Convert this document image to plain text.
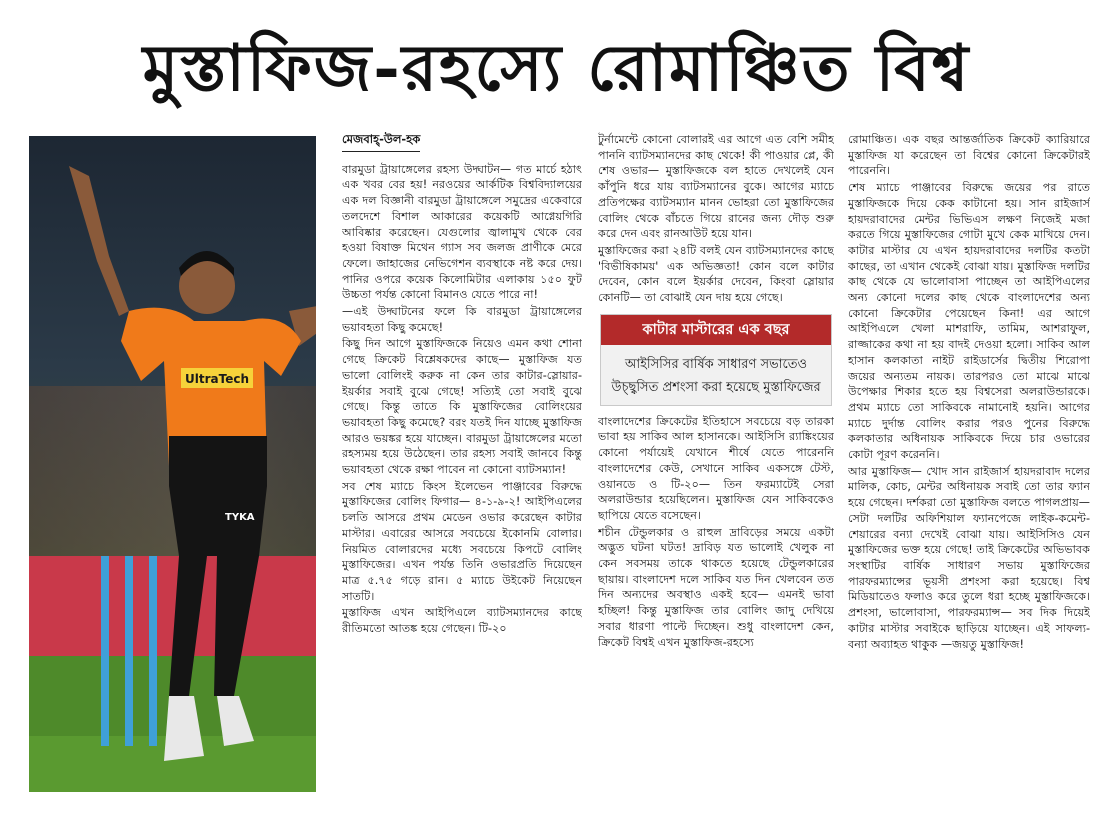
মুস্তাফিজ-রহস্যে রোমাঞ্চিত বিশ্ব
UltraTech
TYKA
মেজবাহ্-উল-হক

বারমুডা ট্রায়াঙ্গেলের রহস্য উদ্ঘাটন— গত মার্চে হঠাৎ এক খবর বের হয়! নরওয়ের আর্কটিক বিশ্ববিদ্যালয়ের এক দল বিজ্ঞানী বারমুডা ট্রায়াঙ্গেলে সমুদ্রের একেবারে তলদেশে বিশাল আকারের কয়েকটি আগ্নেয়গিরি আবিষ্কার করেছেন। যেগুলোর জ্বালামুখ থেকে বের হওয়া বিষাক্ত মিথেন গ্যাস সব জলজ প্রাণীকে মেরে ফেলে। জাহাজের নেভিগেশন ব্যবস্থাকে নষ্ট করে দেয়। পানির ওপরে কয়েক কিলোমিটার এলাকায় ১৫০ ফুট উচ্চতা পর্যন্ত কোনো বিমানও যেতে পারে না!

—এই উদ্ঘাটনের ফলে কি বারমুডা ট্রায়াঙ্গেলের ভয়াবহতা কিছু কমেছে!

কিছু দিন আগে মুস্তাফিজকে নিয়েও এমন কথা শোনা গেছে ক্রিকেট বিশ্লেষকদের কাছে— মুস্তাফিজ যত ভালো বোলিংই করুক না কেন তার কাটার-স্লোয়ার-ইয়র্কার সবাই বুঝে গেছে! সত্যিই তো সবাই বুঝে গেছে। কিন্তু তাতে কি মুস্তাফিজের বোলিংয়ের ভয়াবহতা কিছু কমেছে? বরং যতই দিন যাচ্ছে মুস্তাফিজ আরও ভয়ঙ্কর হয়ে যাচ্ছেন। বারমুডা ট্রায়াঙ্গেলের মতো রহস্যময় হয়ে উঠেছেন। তার রহস্য সবাই জানবে কিন্তু ভয়াবহতা থেকে রক্ষা পাবেন না কোনো ব্যাটসম্যান!

সব শেষ ম্যাচে কিংস ইলেভেন পাঞ্জাবের বিরুদ্ধে মুস্তাফিজের বোলিং ফিগার— ৪-১-৯-২! আইপিএলের চলতি আসরে প্রথম মেডেন ওভার করেছেন কাটার মাস্টার। এবারের আসরে সবচেয়ে ইকোনমি বোলার। নিয়মিত বোলারদের মধ্যে সবচেয়ে কিপটে বোলিং মুস্তাফিজের। এখন পর্যন্ত তিনি ওভারপ্রতি দিয়েছেন মাত্র ৫.৭৫ গড়ে রান। ৫ ম্যাচে উইকেট নিয়েছেন সাতটি।

মুস্তাফিজ এখন আইপিএলে ব্যাটসম্যানদের কাছে রীতিমতো আতঙ্ক হয়ে গেছেন। টি-২০

টুর্নামেন্টে কোনো বোলারই এর আগে এত বেশি সমীহ পাননি ব্যাটসম্যানদের কাছ থেকে! কী পাওয়ার প্লে, কী শেষ ওভার— মুস্তাফিজকে বল হাতে দেখলেই যেন কাঁপুনি ধরে যায় ব্যাটসম্যানের বুকে। আগের ম্যাচে প্রতিপক্ষের ব্যাটসম্যান মানন ভোহরা তো মুস্তাফিজের বোলিং থেকে বাঁচতে গিয়ে রানের জন্য দৌড় শুরু করে দেন এবং রানআউট হয়ে যান।

মুস্তাফিজের করা ২৪টি বলই যেন ব্যাটসম্যানদের কাছে 'বিভীষিকাময়' এক অভিজ্ঞতা! কোন বলে কাটার দেবেন, কোন বলে ইয়র্কার দেবেন, কিংবা স্লোয়ার কোনটি— তা বোঝাই যেন দায় হয়ে গেছে।

কাটার মাস্টারের এক বছর
আইসিসির বার্ষিক সাধারণ সভাতেও উচ্ছ্বসিত প্রশংসা করা হয়েছে মুস্তাফিজের

বাংলাদেশের ক্রিকেটের ইতিহাসে সবচেয়ে বড় তারকা ভাবা হয় সাকিব আল হাসানকে। আইসিসি র‍্যাঙ্কিংয়ের কোনো পর্যায়েই যেখানে শীর্ষে যেতে পারেননি বাংলাদেশের কেউ, সেখানে সাকিব একসঙ্গে টেস্ট, ওয়ানডে ও টি-২০— তিন ফরম্যাটেই সেরা অলরাউন্ডার হয়েছিলেন। মুস্তাফিজ যেন সাকিবকেও ছাপিয়ে যেতে বসেছেন।

শচীন টেন্ডুলকার ও রাহুল দ্রাবিড়ের সময়ে একটা অদ্ভুত ঘটনা ঘটত! দ্রাবিড় যত ভালোই খেলুক না কেন সবসময় তাকে থাকতে হয়েছে টেন্ডুলকারের ছায়ায়। বাংলাদেশ দলে সাকিব যত দিন খেলবেন তত দিন অন্যদের অবস্থাও একই হবে— এমনই ভাবা হচ্ছিল! কিন্তু মুস্তাফিজ তার বোলিং জাদু দেখিয়ে সবার ধারণা পাল্টে দিচ্ছেন। শুধু বাংলাদেশ কেন, ক্রিকেট বিশ্বই এখন মুস্তাফিজ-রহস্যে

রোমাঞ্চিত। এক বছর আন্তর্জাতিক ক্রিকেট ক্যারিয়ারে মুস্তাফিজ যা করেছেন তা বিশ্বের কোনো ক্রিকেটারই পারেননি।

শেষ ম্যাচে পাঞ্জাবের বিরুদ্ধে জয়ের পর রাতে মুস্তাফিজকে দিয়ে কেক কাটানো হয়। সান রাইজার্স হায়দরাবাদের মেন্টর ভিভিএস লক্ষণ নিজেই মজা করতে গিয়ে মুস্তাফিজের গোটা মুখে কেক মাখিয়ে দেন। কাটার মাস্টার যে এখন হায়দরাবাদের দলটির কতটা কাছের, তা এখান থেকেই বোঝা যায়। মুস্তাফিজ দলটির কাছ থেকে যে ভালোবাসা পাচ্ছেন তা আইপিএলের অন্য কোনো দলের কাছ থেকে বাংলাদেশের অন্য কোনো ক্রিকেটার পেয়েছেন কিনা! এর আগে আইপিএলে খেলা মাশরাফি, তামিম, আশরাফুল, রাজ্জাকের কথা না হয় বাদই দেওয়া হলো। সাকিব আল হাসান কলকাতা নাইট রাইডার্সের দ্বিতীয় শিরোপা জয়ের অন্যতম নায়ক। তারপরও তো মাঝে মাঝে উপেক্ষার শিকার হতে হয় বিশ্বসেরা অলরাউন্ডারকে। প্রথম ম্যাচে তো সাকিবকে নামানোই হয়নি। আগের ম্যাচে দুর্দান্ত বোলিং করার পরও পুনের বিরুদ্ধে কলকাতার অধিনায়ক সাকিবকে দিয়ে চার ওভারের কোটা পূরণ করেননি।

আর মুস্তাফিজ— খোদ সান রাইজার্স হায়দরাবাদ দলের মালিক, কোচ, মেন্টর অধিনায়ক সবাই তো তার ফ্যান হয়ে গেছেন। দর্শকরা তো মুস্তাফিজ বলতে পাগলপ্রায়— সেটা দলটির অফিশিয়াল ফ্যানপেজে লাইক-কমেন্ট-শেয়ারের বন্যা দেখেই বোঝা যায়। আইসিসিও যেন মুস্তাফিজের ভক্ত হয়ে গেছে! তাই ক্রিকেটের অভিভাবক সংস্থাটির বার্ষিক সাধারণ সভায় মুস্তাফিজের পারফরম্যান্সের ভূয়সী প্রশংসা করা হয়েছে। বিশ্ব মিডিয়াতেও ফলাও করে তুলে ধরা হচ্ছে মুস্তাফিজকে। প্রশংসা, ভালোবাসা, পারফরম্যান্স— সব দিক দিয়েই কাটার মাস্টার সবাইকে ছাড়িয়ে যাচ্ছেন। এই সাফল্য-বন্যা অব্যাহত থাকুক —জয়তু মুস্তাফিজ!
